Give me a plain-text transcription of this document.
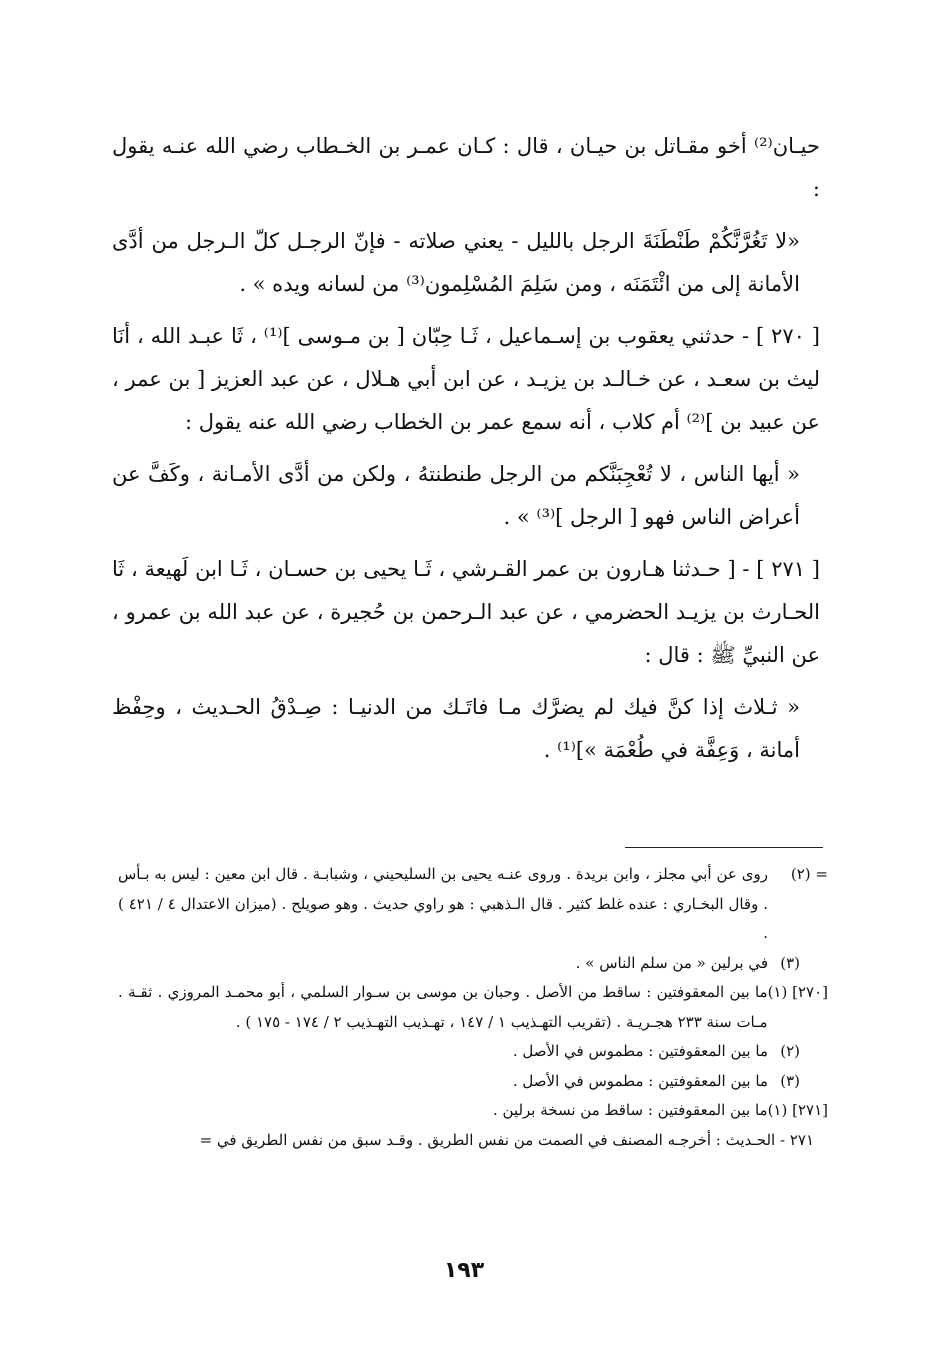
حيـان⁽²⁾ أخو مقـاتل بن حيـان ، قال : كـان عمـر بن الخـطاب رضي الله عنـه يقول :

«لا تَغُرَّنَّكُمْ طَنْطَنَةَ الرجل بالليل - يعني صلاته - فإنّ الرجـل كلّ الـرجل من أدَّى الأمانة إلى من ائْتَمَنَه ، ومن سَلِمَ المُسْلِمون⁽³⁾ من لسانه ويده » .

[ ٢٧٠ ] - حدثني يعقوب بن إسـماعيل ، ثَـا حِبّان [ بن مـوسى ]⁽¹⁾ ، ثَا عبـد الله ، أنَا ليث بن سعـد ، عن خـالـد بن يزيـد ، عن ابن أبي هـلال ، عن عبد العزيز [ بن عمر ، عن عبيد بن ]⁽²⁾ أم كلاب ، أنه سمع عمر بن الخطاب رضي الله عنه يقول :

« أيها الناس ، لا تُعْجِبَنَّكم من الرجل طنطنتهُ ، ولكن من أدَّى الأمـانة ، وكَفَّ عن أعراض الناس فهو [ الرجل ]⁽³⁾ » .

[ ٢٧١ ] - [ حـدثنا هـارون بن عمر القـرشي ، ثَـا يحيى بن حسـان ، ثَـا ابن لَهيعة ، ثَا الحـارث بن يزيـد الحضرمي ، عن عبد الـرحمن بن حُجيرة ، عن عبد الله بن عمرو ، عن النبيِّ ﷺ : قال :

« ثـلاث إذا كنَّ فيك لم يضرَّك مـا فاتَـك من الدنيـا : صِـدْقُ الحـديث ، وحِفْظ أمانة ، وَعِفَّة في طُعْمَة »]⁽¹⁾ .

= (٢)
روى عن أبي مجلز ، وابن بريدة . وروى عنـه يحيى بن السليحيني ، وشبابـة . قال ابن معين : ليس به بـأس . وقال البخـاري : عنده غلط كثير . قال الـذهبي : هو راوي حديث . وهو صويلح . (ميزان الاعتدال ٤ / ٤٢١ ) .
(٣)
في برلين « من سلم الناس » .
[٢٧٠] (١)
ما بين المعقوفتين : ساقط من الأصل . وحبان بن موسى بن سـوار السلمي ، أبو محمـد المروزي . ثقـة . مـات سنة ٢٣٣ هجـريـة . (تقريب التهـذيب ١ / ١٤٧ ، تهـذيب التهـذيب ٢ / ١٧٤ - ١٧٥ ) .
(٢)
ما بين المعقوفتين : مطموس في الأصل .
(٣)
ما بين المعقوفتين : مطموس في الأصل .
[٢٧١] (١)
ما بين المعقوفتين : ساقط من نسخة برلين .
٢٧١ - الحـديث : أخرجـه المصنف في الصمت من نفس الطريق . وقـد سبق من نفس الطريق في =
١٩٣
